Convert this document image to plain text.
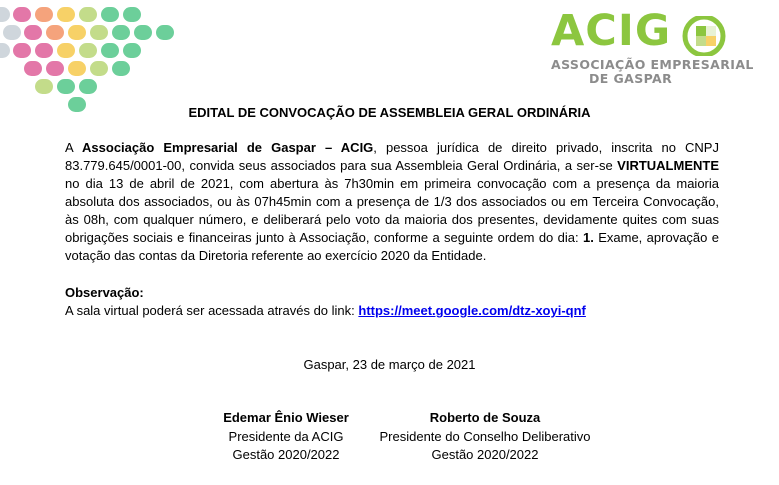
ACIG
ASSOCIAÇÃO EMPRESARIAL
DE GASPAR
EDITAL DE CONVOCAÇÃO DE ASSEMBLEIA GERAL ORDINÁRIA
A Associação Empresarial de Gaspar – ACIG, pessoa jurídica de direito privado, inscrita no CNPJ 83.779.645/0001-00, convida seus associados para sua Assembleia Geral Ordinária, a ser-se VIRTUALMENTE no dia 13 de abril de 2021, com abertura às 7h30min em primeira convocação com a presença da maioria absoluta dos associados, ou às 07h45min com a presença de 1/3 dos associados ou em Terceira Convocação, às 08h, com qualquer número, e deliberará pelo voto da maioria dos presentes, devidamente quites com suas obrigações sociais e financeiras junto à Associação, conforme a seguinte ordem do dia: 1. Exame, aprovação e votação das contas da Diretoria referente ao exercício 2020 da Entidade.
Observação:
A sala virtual poderá ser acessada através do link: https://meet.google.com/dtz-xoyi-qnf
Gaspar, 23 de março de 2021
Edemar Ênio Wieser
Presidente da ACIG
Gestão 2020/2022
Roberto de Souza
Presidente do Conselho Deliberativo
Gestão 2020/2022
